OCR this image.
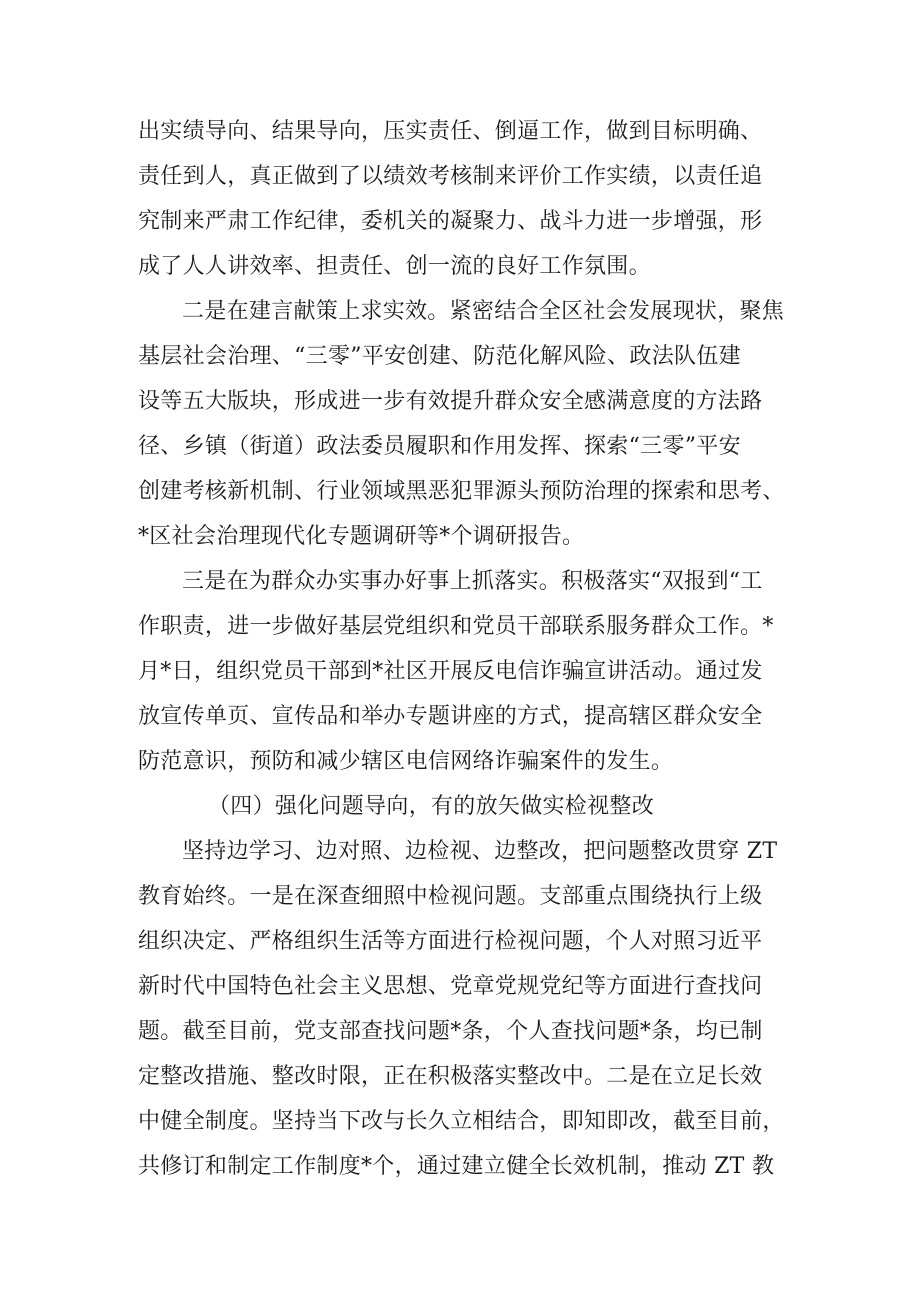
出实绩导向、结果导向，压实责任、倒逼工作，做到目标明确、
责任到人，真正做到了以绩效考核制来评价工作实绩，以责任追
究制来严肃工作纪律，委机关的凝聚力、战斗力进一步增强，形
成了人人讲效率、担责任、创一流的良好工作氛围。
二是在建言献策上求实效。紧密结合全区社会发展现状，聚焦
基层社会治理、“三零”平安创建、防范化解风险、政法队伍建
设等五大版块，形成进一步有效提升群众安全感满意度的方法路
径、乡镇（街道）政法委员履职和作用发挥、探索“三零”平安
创建考核新机制、行业领域黑恶犯罪源头预防治理的探索和思考、
*区社会治理现代化专题调研等*个调研报告。
三是在为群众办实事办好事上抓落实。积极落实“双报到“工
作职责，进一步做好基层党组织和党员干部联系服务群众工作。*
月*日，组织党员干部到*社区开展反电信诈骗宣讲活动。通过发
放宣传单页、宣传品和举办专题讲座的方式，提高辖区群众安全
防范意识，预防和减少辖区电信网络诈骗案件的发生。
（四）强化问题导向，有的放矢做实检视整改
坚持边学习、边对照、边检视、边整改，把问题整改贯穿 ZT
教育始终。一是在深查细照中检视问题。支部重点围绕执行上级
组织决定、严格组织生活等方面进行检视问题，个人对照习近平
新时代中国特色社会主义思想、党章党规党纪等方面进行查找问
题。截至目前，党支部查找问题*条，个人查找问题*条，均已制
定整改措施、整改时限，正在积极落实整改中。二是在立足长效
中健全制度。坚持当下改与长久立相结合，即知即改，截至目前，
共修订和制定工作制度*个，通过建立健全长效机制，推动 ZT 教
